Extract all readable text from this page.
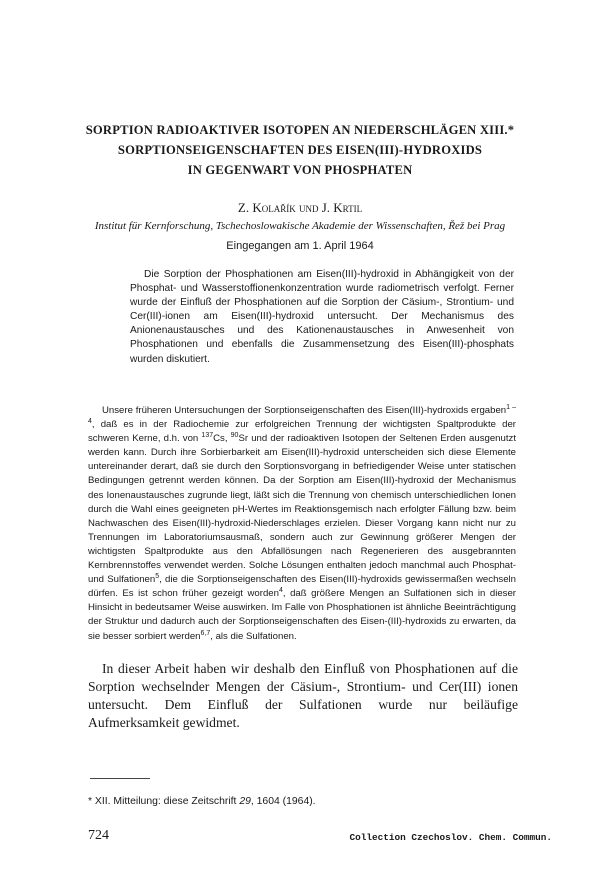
SORPTION RADIOAKTIVER ISOTOPEN AN NIEDERSCHLÄGEN XIII.*
SORPTIONSEIGENSCHAFTEN DES EISEN(III)-HYDROXIDS
IN GEGENWART VON PHOSPHATEN
Z. Kolařík und J. Krtil
Institut für Kernforschung, Tschechoslowakische Akademie der Wissenschaften, Řež bei Prag
Eingegangen am 1. April 1964
Die Sorption der Phosphationen am Eisen(III)-hydroxid in Abhängigkeit von der Phosphat- und Wasserstoffionenkonzentration wurde radiometrisch verfolgt. Ferner wurde der Einfluß der Phosphationen auf die Sorption der Cäsium-, Strontium- und Cer(III)-ionen am Eisen(III)-hydroxid untersucht. Der Mechanismus des Anionenaustausches und des Kationenaustausches in Anwesenheit von Phosphationen und ebenfalls die Zusammensetzung des Eisen(III)-phosphats wurden diskutiert.
Unsere früheren Untersuchungen der Sorptionseigenschaften des Eisen(III)-hydroxids ergaben$^{1 - 4}$, daß es in der Radiochemie zur erfolgreichen Trennung der wichtigsten Spaltprodukte der schweren Kerne, d.h. von $^{137}$Cs, $^{90}$Sr und der radioaktiven Isotopen der Seltenen Erden ausgenutzt werden kann. Durch ihre Sorbierbarkeit am Eisen(III)-hydroxid unterscheiden sich diese Elemente untereinander derart, daß sie durch den Sorptionsvorgang in befriedigender Weise unter statischen Bedingungen getrennt werden können. Da der Sorption am Eisen(III)-hydroxid der Mechanismus des Ionenaustausches zugrunde liegt, läßt sich die Trennung von chemisch unterschiedlichen Ionen durch die Wahl eines geeigneten pH-Wertes im Reaktionsgemisch nach erfolgter Fällung bzw. beim Nachwaschen des Eisen(III)-hydroxid-Niederschlages erzielen. Dieser Vorgang kann nicht nur zu Trennungen im Laboratoriumsausmaß, sondern auch zur Gewinnung größerer Mengen der wichtigsten Spaltprodukte aus den Abfallösungen nach Regenerieren des ausgebrannten Kernbrennstoffes verwendet werden. Solche Lösungen enthalten jedoch manchmal auch Phosphat- und Sulfationen$^5$, die die Sorptionseigenschaften des Eisen(III)-hydroxids gewissermaßen wechseln dürfen. Es ist schon früher gezeigt worden$^4$, daß größere Mengen an Sulfationen sich in dieser Hinsicht in bedeutsamer Weise auswirken. Im Falle von Phosphationen ist ähnliche Beeinträchtigung der Struktur und dadurch auch der Sorptionseigenschaften des Eisen-(III)-hydroxids zu erwarten, da sie besser sorbiert werden$^{6,7}$, als die Sulfationen.
In dieser Arbeit haben wir deshalb den Einfluß von Phosphationen auf die Sorption wechselnder Mengen der Cäsium-, Strontium- und Cer(III) ionen untersucht. Dem Einfluß der Sulfationen wurde nur beiläufige Aufmerksamkeit gewidmet.
* XII. Mitteilung: diese Zeitschrift 29, 1604 (1964).
724	Collection Czechoslov. Chem. Commun.
